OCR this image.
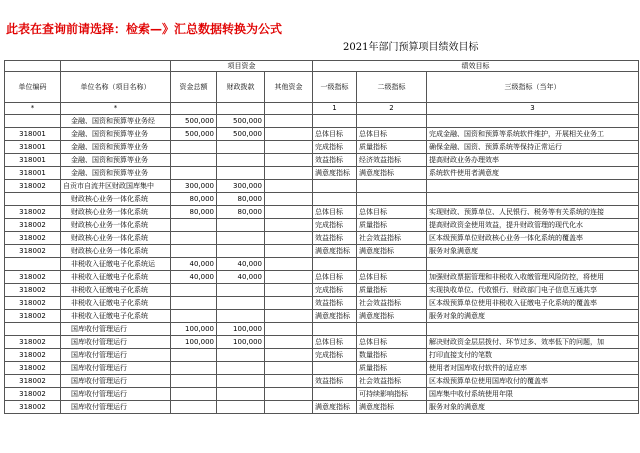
此表在查询前请选择：检索—》汇总数据转换为公式
2021年部门预算项目绩效目标
		项目资金			绩效目标		
单位编码	单位名称（项目名称）	资金总额	财政拨款	其他资金	一级指标	二级指标	三级指标（当年）
*	*				1	2	3
	金融、国资和预算等业务经	500,000	500,000				
318001	金融、国资和预算等业务	500,000	500,000		总体目标	总体目标	完成金融、国资和预算等系统软件维护，开展相关业务工
318001	金融、国资和预算等业务				完成指标	质量指标	确保金融、国资、预算系统等保持正常运行
318001	金融、国资和预算等业务				效益指标	经济效益指标	提高财政业务办理效率
318001	金融、国资和预算等业务				满意度指标	满意度指标	系统软件使用者满意度
318002	自贡市自流井区财政国库集中	300,000	300,000				
	财政核心业务一体化系统	80,000	80,000				
318002	财政核心业务一体化系统	80,000	80,000		总体目标	总体目标	实现财政、预算单位、人民银行、税务等有关系统的连接
318002	财政核心业务一体化系统				完成指标	质量指标	提高财政资金使用效益，提升财政管理的现代化水
318002	财政核心业务一体化系统				效益指标	社会效益指标	区本级预算单位财政核心业务一体化系统的覆盖率
318002	财政核心业务一体化系统				满意度指标	满意度指标	服务对象满意度
	非税收入征缴电子化系统运	40,000	40,000				
318002	非税收入征缴电子化系统	40,000	40,000		总体目标	总体目标	加强财政票据管理和非税收入收缴管理风险防控，将使用
318002	非税收入征缴电子化系统				完成指标	质量指标	实现执收单位、代收银行、财政部门电子信息互通共享
318002	非税收入征缴电子化系统				效益指标	社会效益指标	区本级预算单位使用非税收入征缴电子化系统的覆盖率
318002	非税收入征缴电子化系统				满意度指标	满意度指标	服务对象的满意度
	国库收付管理运行	100,000	100,000				
318002	国库收付管理运行	100,000	100,000		总体目标	总体目标	解决财政资金层层拨付、环节过多、效率低下的问题，加
318002	国库收付管理运行				完成指标	数量指标	打印直接支付的笔数
318002	国库收付管理运行					质量指标	使用者对国库收付软件的适应率
318002	国库收付管理运行				效益指标	社会效益指标	区本级预算单位使用国库收付的覆盖率
318002	国库收付管理运行					可持续影响指标	国库集中收付系统使用年限
318002	国库收付管理运行				满意度指标	满意度指标	服务对象的满意度
